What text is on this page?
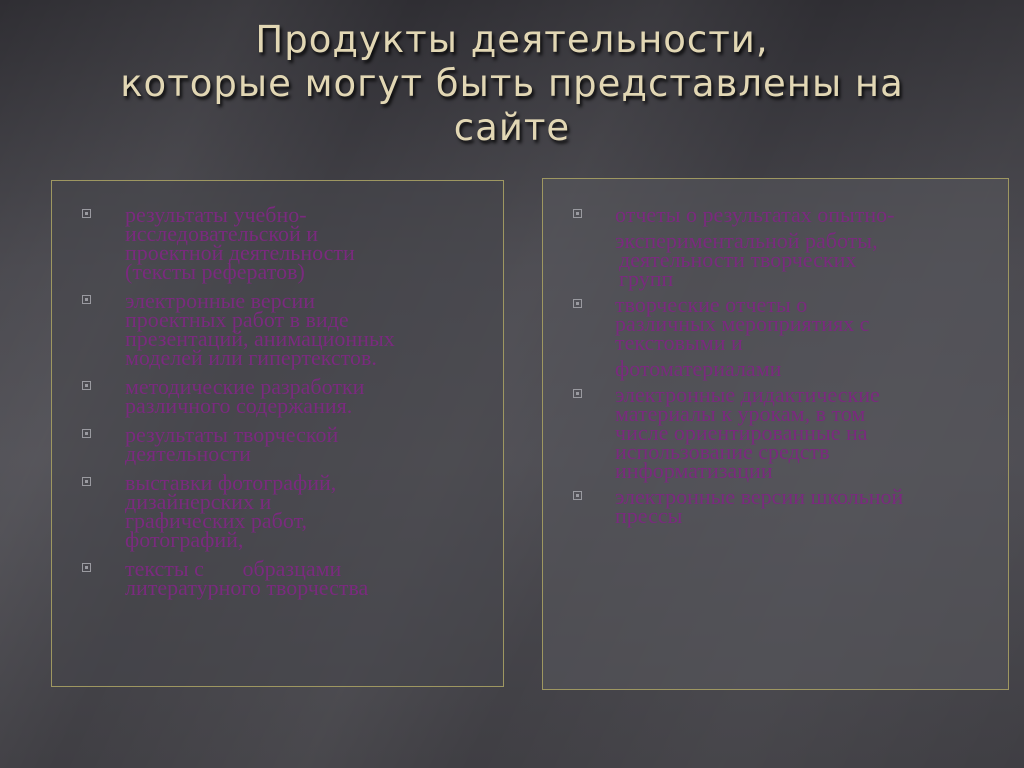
Продукты деятельности,
которые могут быть представлены на
сайте
результаты учебно-
исследовательской и
проектной деятельности
(тексты рефератов)
электронные версии
проектных работ в виде
презентаций, анимационных
моделей или гипертекстов.
методические разработки
различного содержания.
результаты творческой
деятельности
выставки фотографий,
дизайнерских и
графических работ,
фотографий,
тексты с       образцами
литературного творчества
отчеты о результатах опытно-
экспериментальной работы,
деятельности творческих
групп
творческие отчеты о
различных мероприятиях с
текстовыми и
фотоматериалами
электронные дидактические
материалы к урокам, в том
числе ориентированные на
использование средств
информатизации
электронные версии школьной
прессы
